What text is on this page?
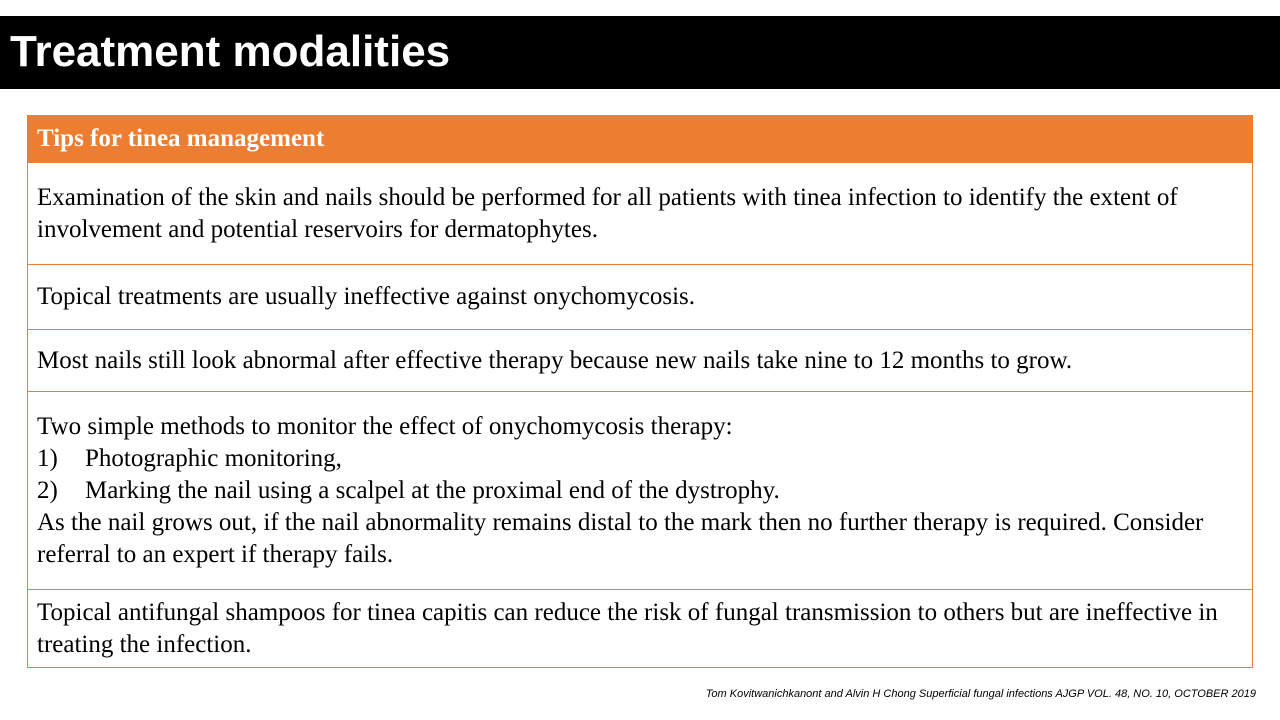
Treatment modalities
Tips for tinea management
Examination of the skin and nails should be performed for all patients with tinea infection to identify the extent of involvement and potential reservoirs for dermatophytes.
Topical treatments are usually ineffective against onychomycosis.
Most nails still look abnormal after effective therapy because new nails take nine to 12 months to grow.
Two simple methods to monitor the effect of onychomycosis therapy:
1)	Photographic monitoring,
2)	Marking the nail using a scalpel at the proximal end of the dystrophy.
As the nail grows out, if the nail abnormality remains distal to the mark then no further therapy is required. Consider referral to an expert if therapy fails.
Topical antifungal shampoos for tinea capitis can reduce the risk of fungal transmission to others but are ineffective in treating the infection.
Tom Kovitwanichkanont and Alvin H Chong Superficial fungal infections AJGP VOL. 48, NO. 10, OCTOBER 2019
